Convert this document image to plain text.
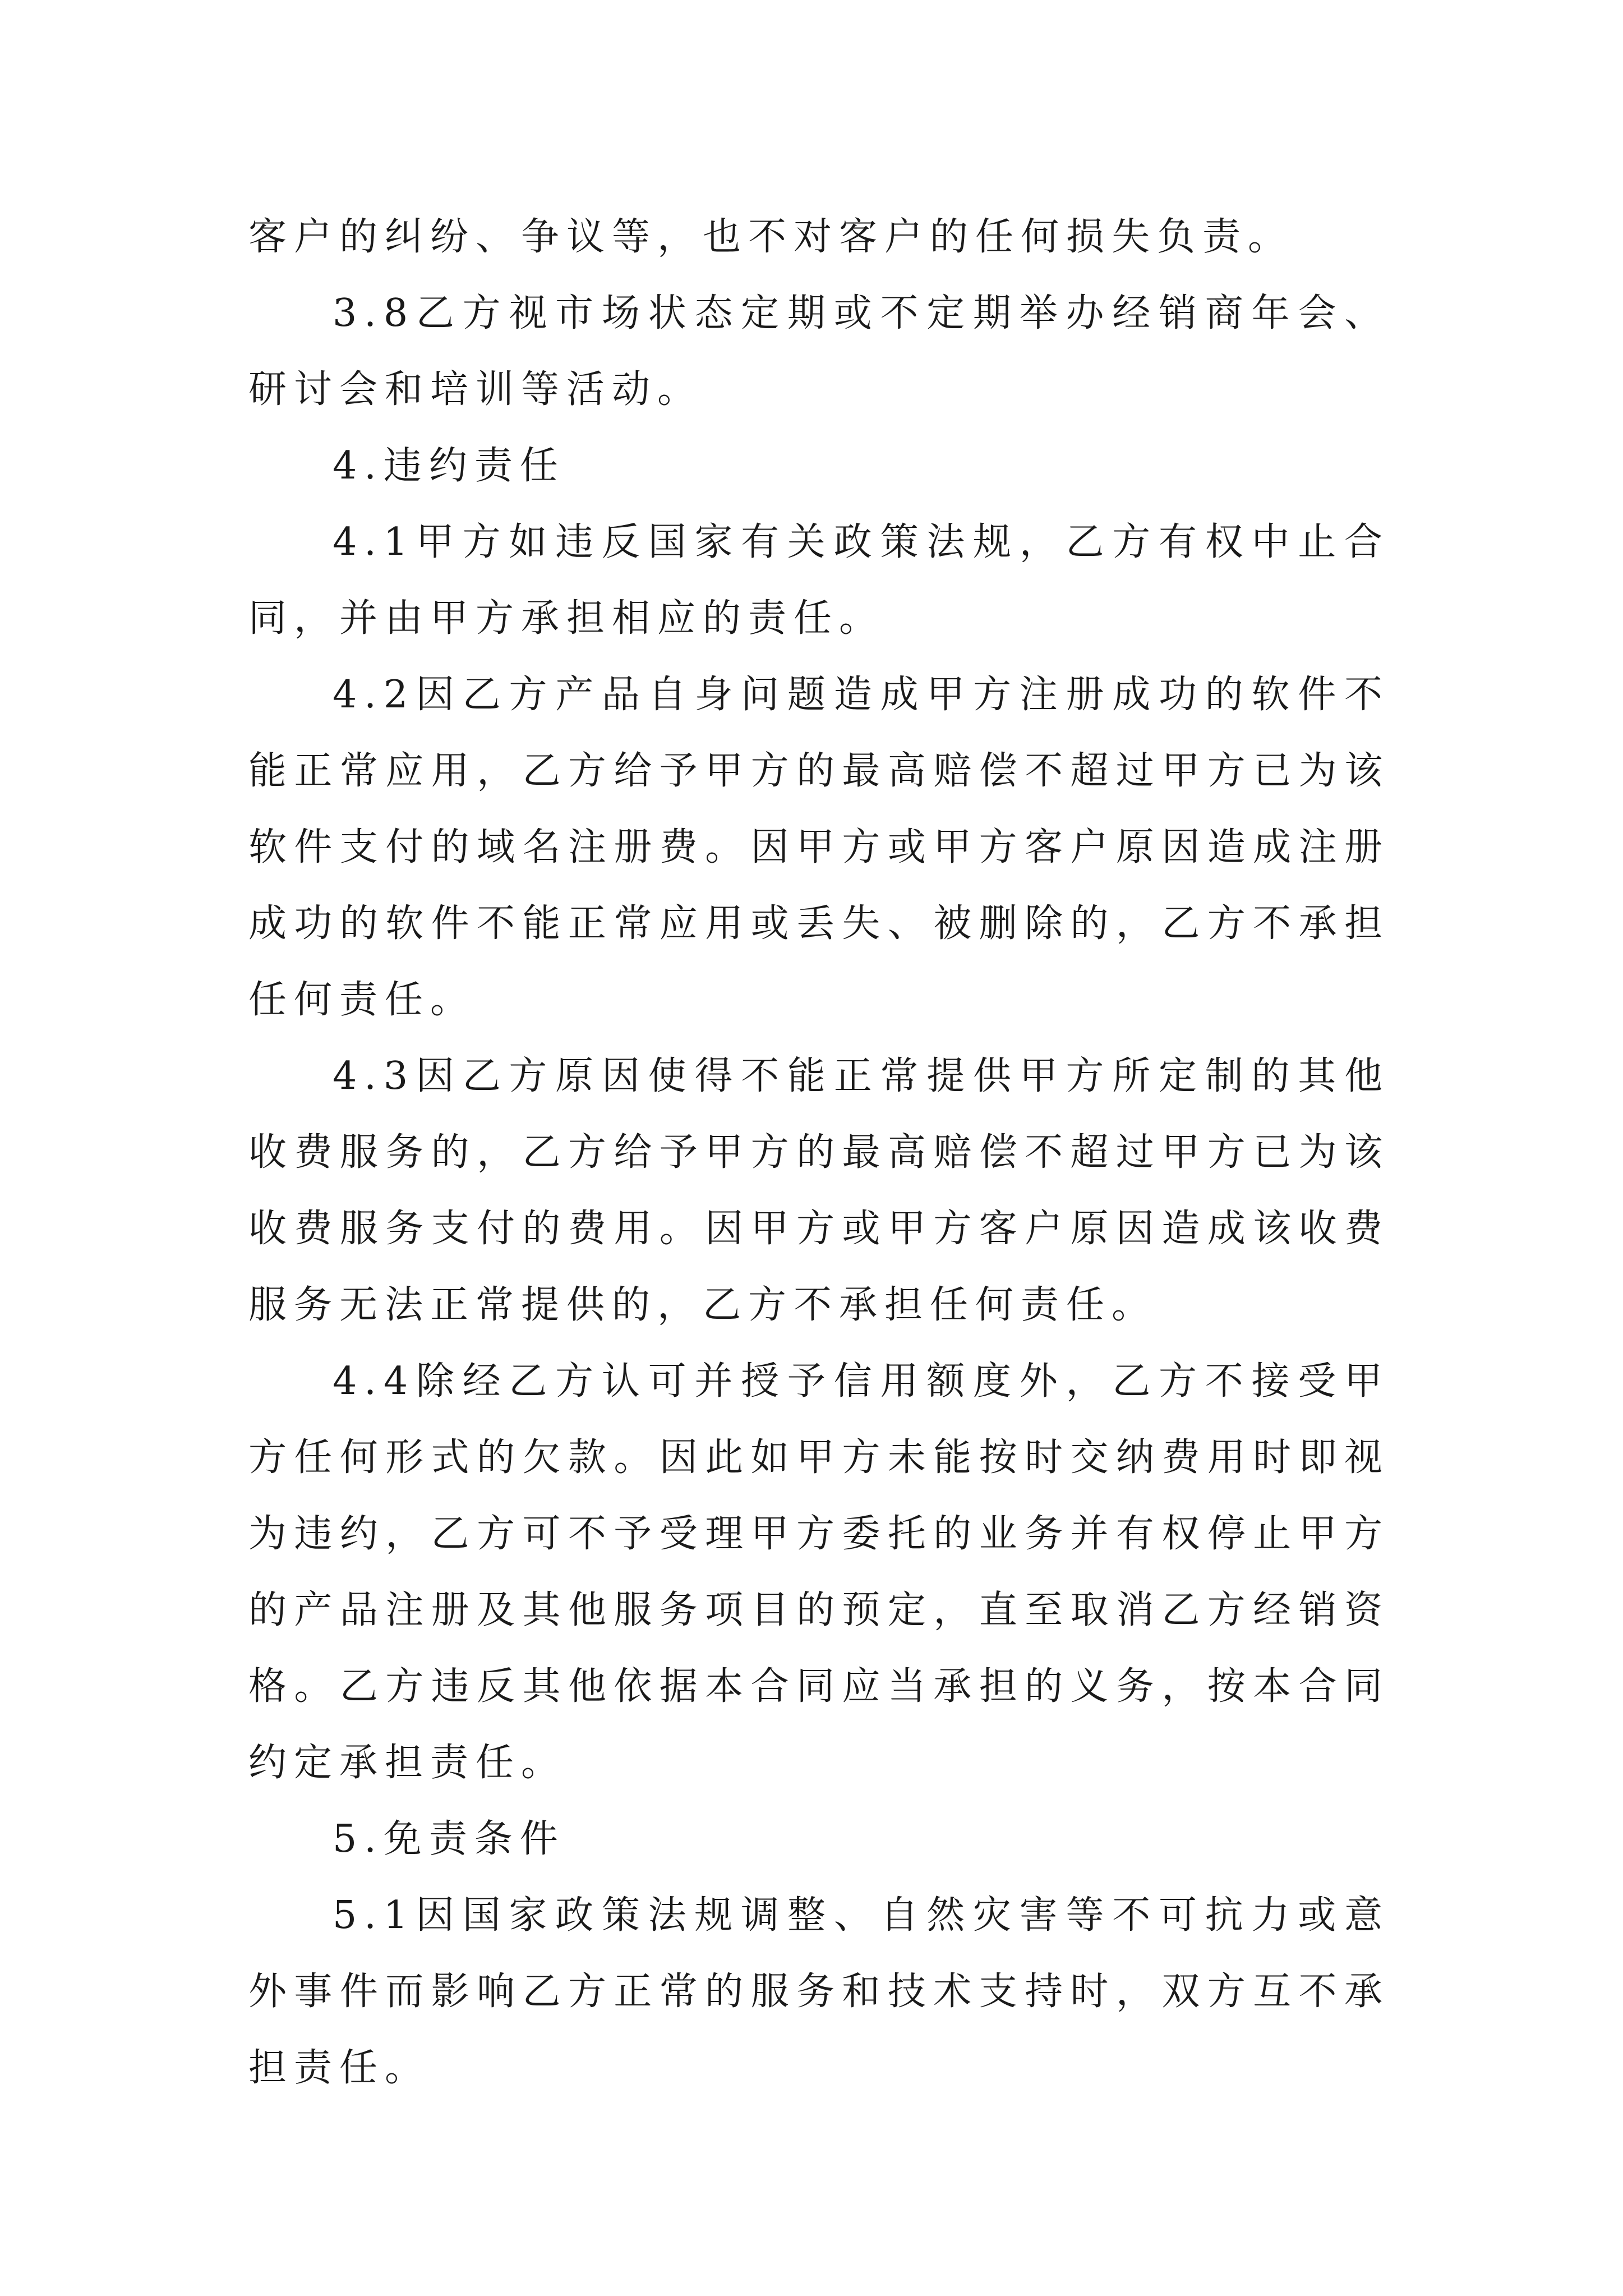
客户的纠纷、争议等，也不对客户的任何损失负责。

3.8乙方视市场状态定期或不定期举办经销商年会、研讨会和培训等活动。

4.违约责任

4.1甲方如违反国家有关政策法规，乙方有权中止合同，并由甲方承担相应的责任。

4.2因乙方产品自身问题造成甲方注册成功的软件不能正常应用，乙方给予甲方的最高赔偿不超过甲方已为该软件支付的域名注册费。因甲方或甲方客户原因造成注册成功的软件不能正常应用或丢失、被删除的，乙方不承担任何责任。

4.3因乙方原因使得不能正常提供甲方所定制的其他收费服务的，乙方给予甲方的最高赔偿不超过甲方已为该收费服务支付的费用。因甲方或甲方客户原因造成该收费服务无法正常提供的，乙方不承担任何责任。

4.4除经乙方认可并授予信用额度外，乙方不接受甲方任何形式的欠款。因此如甲方未能按时交纳费用时即视为违约，乙方可不予受理甲方委托的业务并有权停止甲方的产品注册及其他服务项目的预定，直至取消乙方经销资格。乙方违反其他依据本合同应当承担的义务，按本合同约定承担责任。

5.免责条件

5.1因国家政策法规调整、自然灾害等不可抗力或意外事件而影响乙方正常的服务和技术支持时，双方互不承担责任。
